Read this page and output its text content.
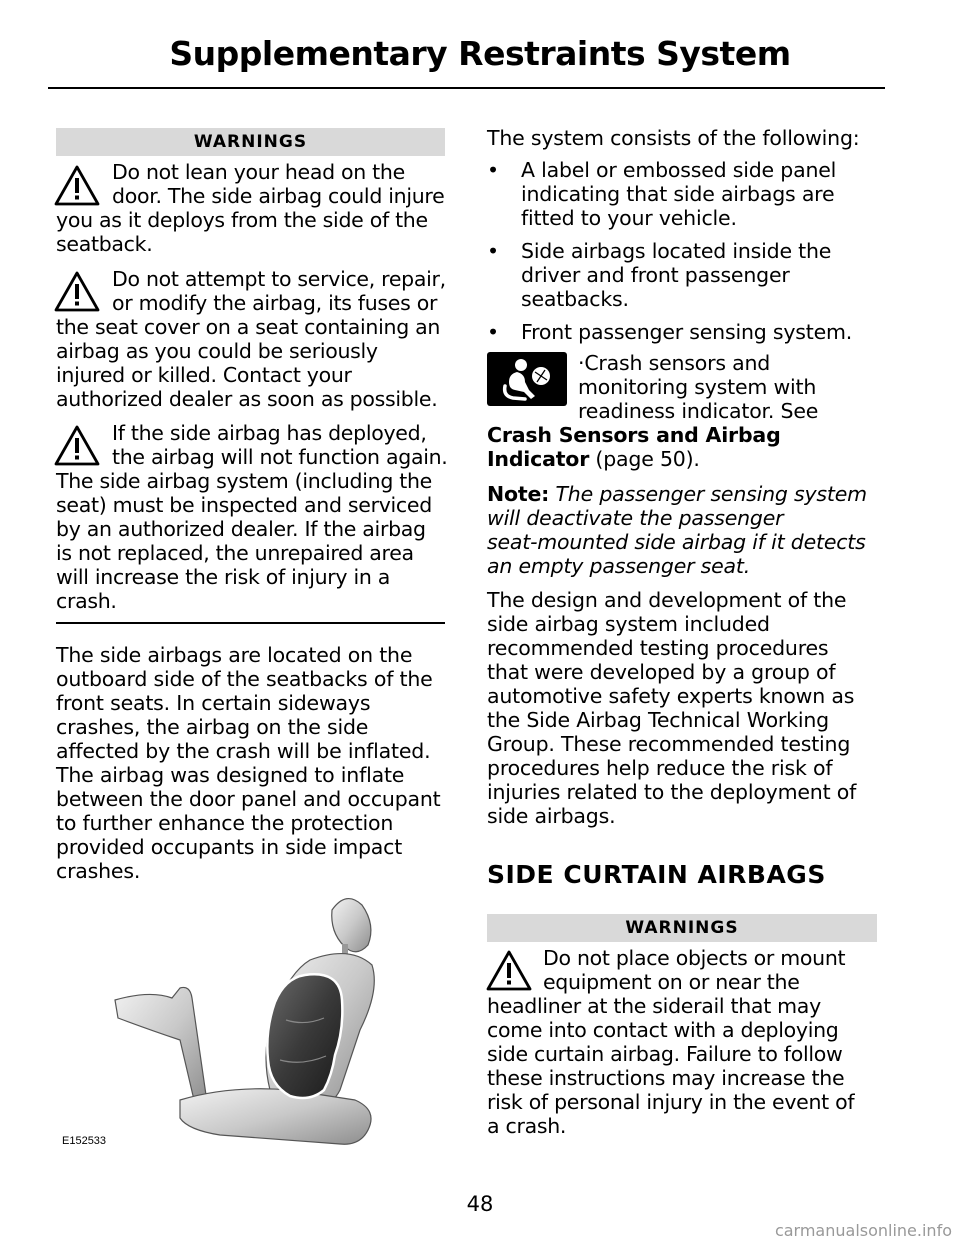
Supplementary Restraints System
WARNINGS
Do not lean your head on the
door. The side airbag could injure
you as it deploys from the side of the
seatback.
Do not attempt to service, repair,
or modify the airbag, its fuses or
the seat cover on a seat containing an
airbag as you could be seriously
injured or killed. Contact your
authorized dealer as soon as possible.
If the side airbag has deployed,
the airbag will not function again.
The side airbag system (including the
seat) must be inspected and serviced
by an authorized dealer. If the airbag
is not replaced, the unrepaired area
will increase the risk of injury in a
crash.
The side airbags are located on the
outboard side of the seatbacks of the
front seats. In certain sideways
crashes, the airbag on the side
affected by the crash will be inflated.
The airbag was designed to inflate
between the door panel and occupant
to further enhance the protection
provided occupants in side impact
crashes.
E152533
The system consists of the following:
• A label or embossed side panel
indicating that side airbags are
fitted to your vehicle.
• Side airbags located inside the
driver and front passenger
seatbacks.
• Front passenger sensing system.
·Crash sensors and
monitoring system with
readiness indicator. See
Crash Sensors and Airbag
Indicator (page 50).
Note: The passenger sensing system
will deactivate the passenger
seat-mounted side airbag if it detects
an empty passenger seat.
The design and development of the
side airbag system included
recommended testing procedures
that were developed by a group of
automotive safety experts known as
the Side Airbag Technical Working
Group. These recommended testing
procedures help reduce the risk of
injuries related to the deployment of
side airbags.
SIDE CURTAIN AIRBAGS
WARNINGS
Do not place objects or mount
equipment on or near the
headliner at the siderail that may
come into contact with a deploying
side curtain airbag. Failure to follow
these instructions may increase the
risk of personal injury in the event of
a crash.
48
carmanualsonline.info
